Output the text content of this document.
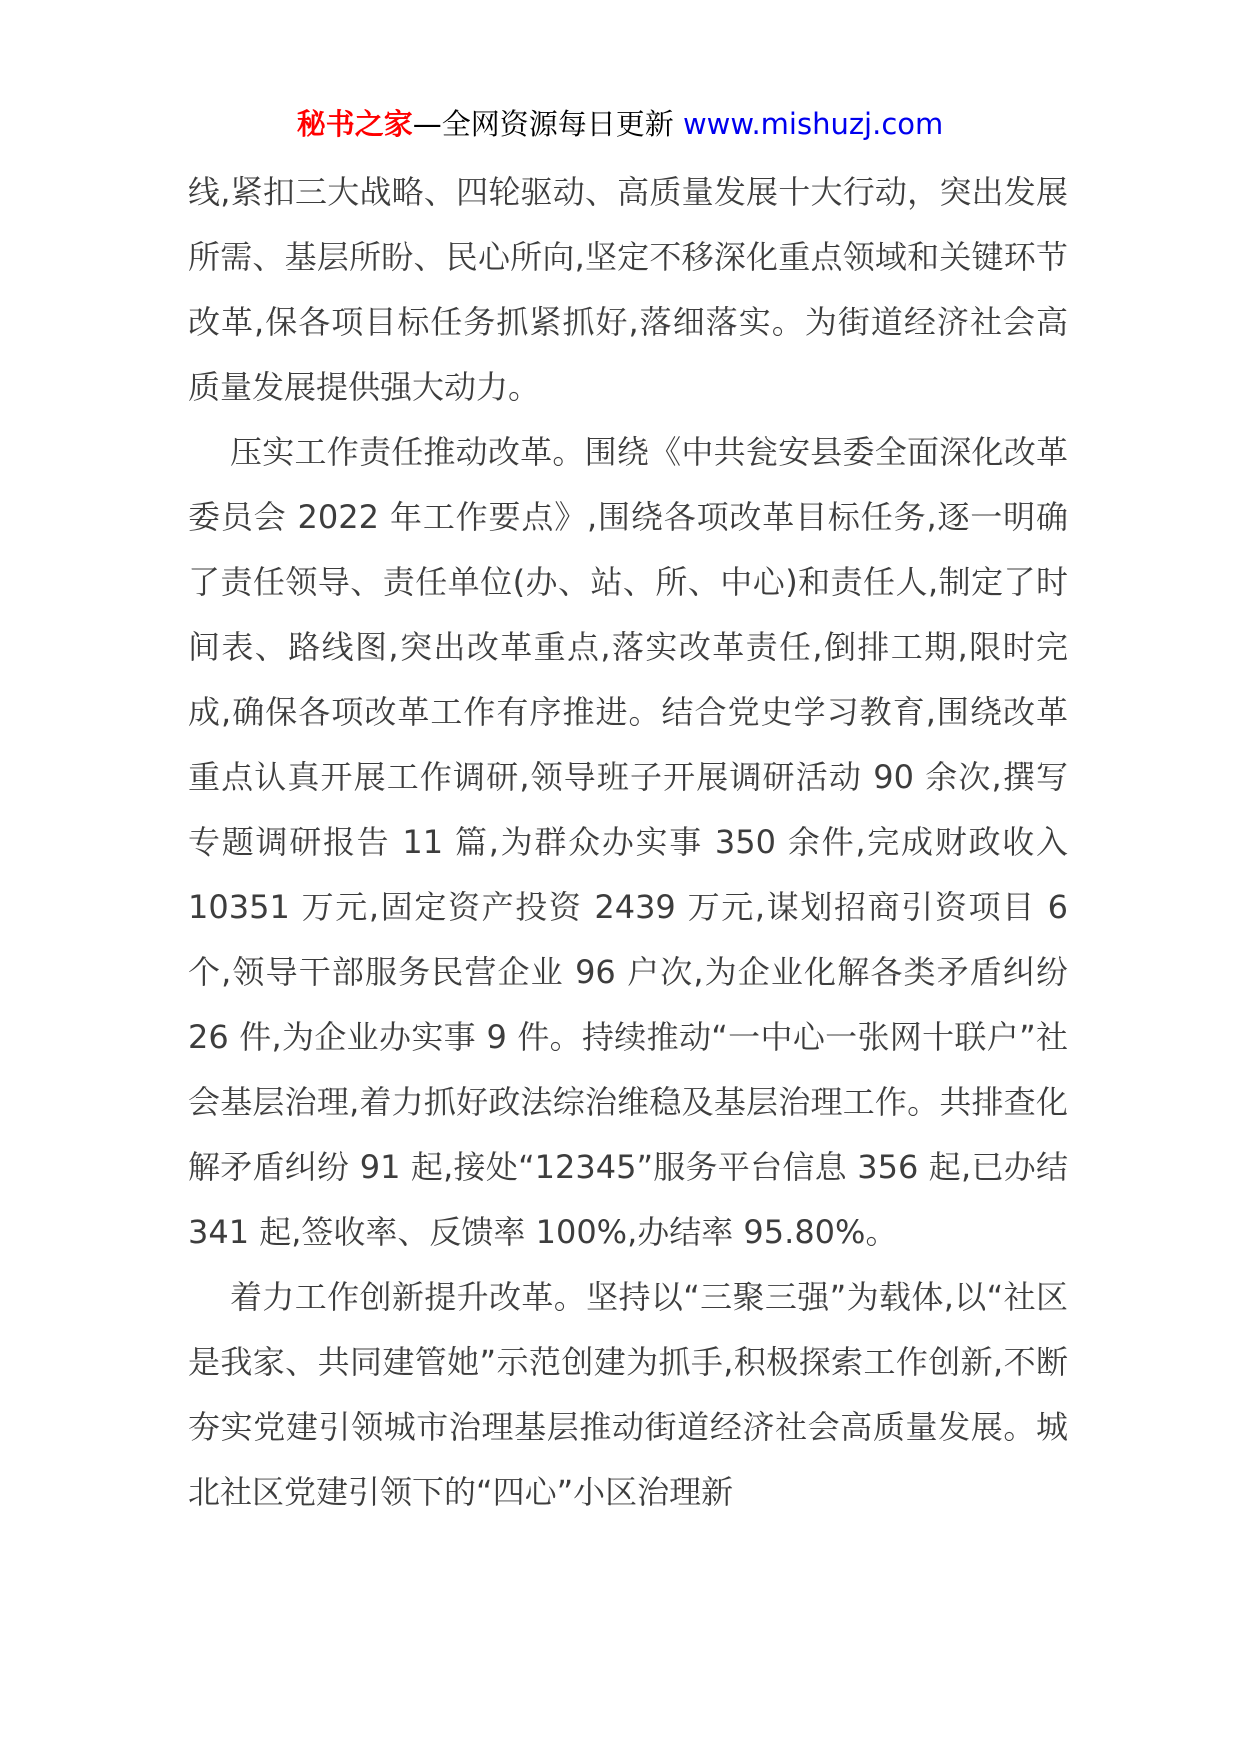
秘书之家—全网资源每日更新 www.mishuzj.com

线,紧扣三大战略、四轮驱动、高质量发展十大行动，突出发展所需、基层所盼、民心所向,坚定不移深化重点领域和关键环节改革,保各项目标任务抓紧抓好,落细落实。为街道经济社会高质量发展提供强大动力。

压实工作责任推动改革。围绕《中共瓮安县委全面深化改革委员会 2022 年工作要点》,围绕各项改革目标任务,逐一明确了责任领导、责任单位(办、站、所、中心)和责任人,制定了时间表、路线图,突出改革重点,落实改革责任,倒排工期,限时完成,确保各项改革工作有序推进。结合党史学习教育,围绕改革重点认真开展工作调研,领导班子开展调研活动 90 余次,撰写专题调研报告 11 篇,为群众办实事 350 余件,完成财政收入 10351 万元,固定资产投资 2439 万元,谋划招商引资项目 6 个,领导干部服务民营企业 96 户次,为企业化解各类矛盾纠纷 26 件,为企业办实事 9 件。持续推动“一中心一张网十联户”社会基层治理,着力抓好政法综治维稳及基层治理工作。共排查化解矛盾纠纷 91 起,接处“12345”服务平台信息 356 起,已办结 341 起,签收率、反馈率 100%,办结率 95.80%。

着力工作创新提升改革。坚持以“三聚三强”为载体,以“社区是我家、共同建管她”示范创建为抓手,积极探索工作创新,不断夯实党建引领城市治理基层推动街道经济社会高质量发展。城北社区党建引领下的“四心”小区治理新
